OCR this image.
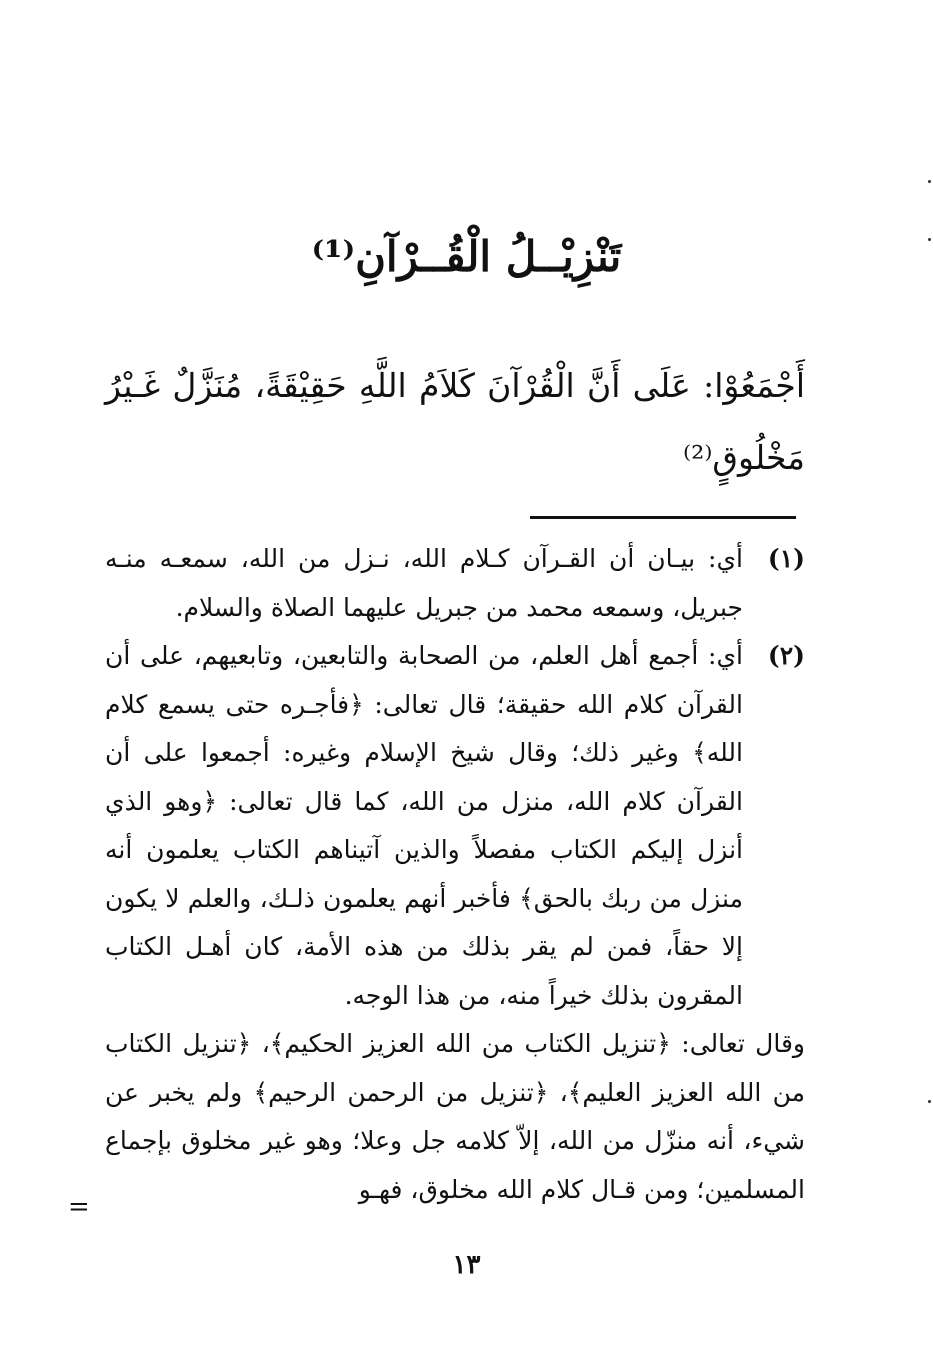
تَنْزِيْــلُ الْقُــرْآنِ⁽¹⁾

أَجْمَعُوْا: عَلَى أَنَّ الْقُرْآنَ كَلاَمُ اللَّهِ حَقِيْقَةً، مُنَزَّلٌ غَـيْرُ مَخْلُوقٍ⁽²⁾

(١)
أي: بيـان أن القـرآن كـلام الله، نـزل من الله، سمعـه منـه جبريل، وسمعه محمد من جبريل عليهما الصلاة والسلام.

(٢)
أي: أجمع أهل العلم، من الصحابة والتابعين، وتابعيهم، على أن القرآن كلام الله حقيقة؛ قال تعالى: ﴿فأجـره حتى يسمع كلام الله﴾ وغير ذلك؛ وقال شيخ الإسلام وغيره: أجمعوا على أن القرآن كلام الله، منزل من الله، كما قال تعالى: ﴿وهو الذي أنزل إليكم الكتاب مفصلاً والذين آتيناهم الكتاب يعلمون أنه منزل من ربك بالحق﴾ فأخبر أنهم يعلمون ذلـك، والعلم لا يكون إلا حقاً، فمن لم يقر بذلك من هذه الأمة، كان أهـل الكتاب المقرون بذلك خيراً منه، من هذا الوجه.

وقال تعالى: ﴿تنزيل الكتاب من الله العزيز الحكيم﴾، ﴿تنزيل الكتاب من الله العزيز العليم﴾، ﴿تنزيل من الرحمن الرحيم﴾ ولم يخبر عن شيء، أنه منزّل من الله، إلاّ كلامه جل وعلا؛ وهو غير مخلوق بإجماع المسلمين؛ ومن قـال كلام الله مخلوق، فهـو

=
١٣
